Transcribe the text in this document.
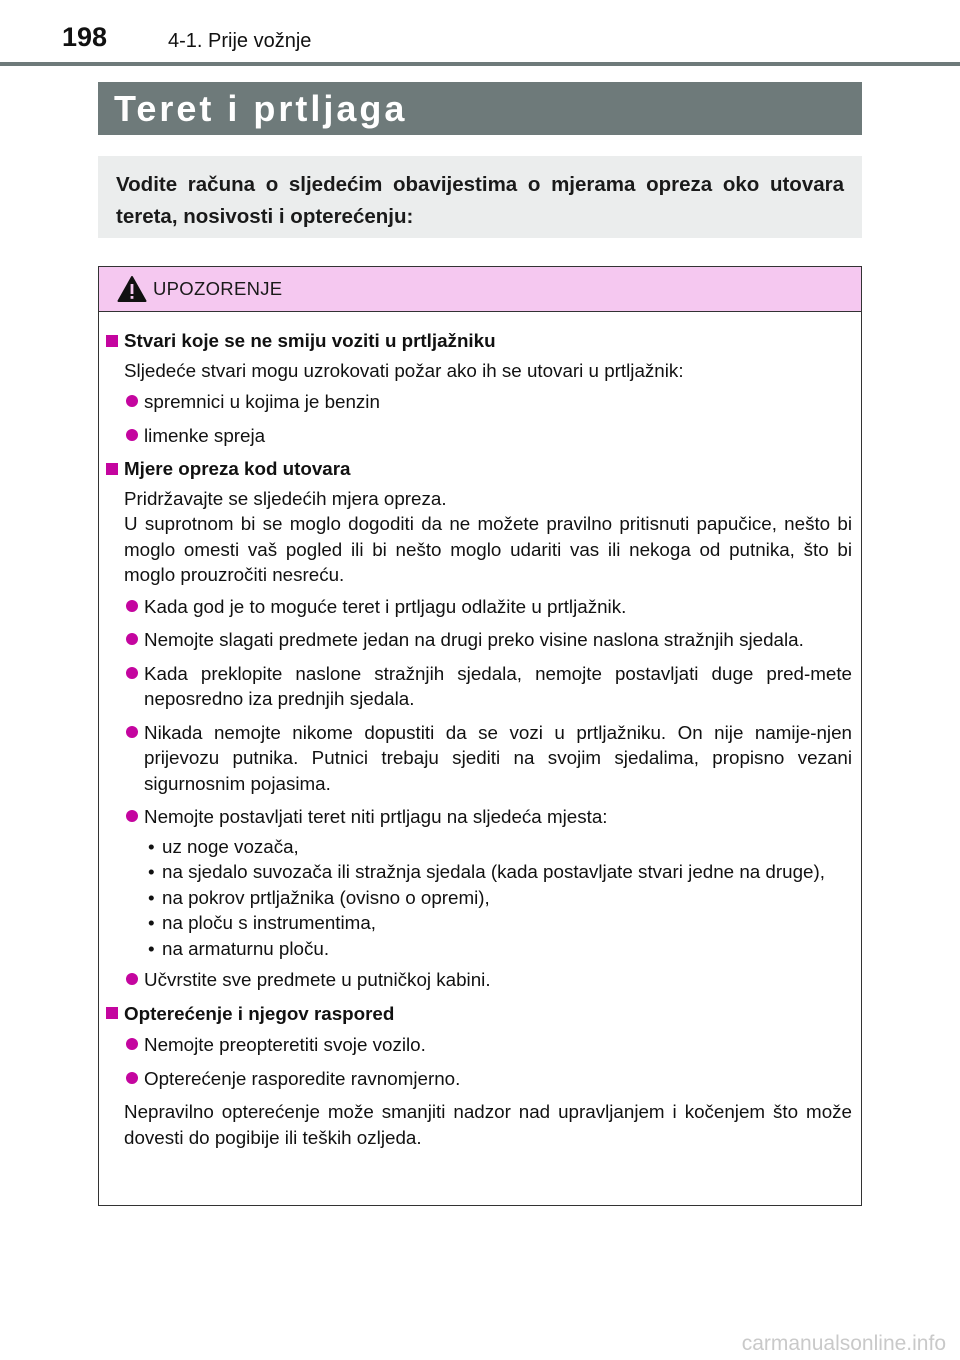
198	4-1. Prije vožnje
Teret i prtljaga
Vodite računa o sljedećim obavijestima o mjerama opreza oko utovara tereta, nosivosti i opterećenju:
UPOZORENJE
Stvari koje se ne smiju voziti u prtljažniku
Sljedeće stvari mogu uzrokovati požar ako ih se utovari u prtljažnik:
spremnici u kojima je benzin
limenke spreja
Mjere opreza kod utovara
Pridržavajte se sljedećih mjera opreza.
U suprotnom bi se moglo dogoditi da ne možete pravilno pritisnuti papučice, nešto bi moglo omesti vaš pogled ili bi nešto moglo udariti vas ili nekoga od putnika, što bi moglo prouzročiti nesreću.
Kada god je to moguće teret i prtljagu odlažite u prtljažnik.
Nemojte slagati predmete jedan na drugi preko visine naslona stražnjih sjedala.
Kada preklopite naslone stražnjih sjedala, nemojte postavljati duge pred-mete neposredno iza prednjih sjedala.
Nikada nemojte nikome dopustiti da se vozi u prtljažniku. On nije namije-njen prijevozu putnika. Putnici trebaju sjediti na svojim sjedalima, propisno vezani sigurnosnim pojasima.
Nemojte postavljati teret niti prtljagu na sljedeća mjesta:
• uz noge vozača,
• na sjedalo suvozača ili stražnja sjedala (kada postavljate stvari jedne na druge),
• na pokrov prtljažnika (ovisno o opremi),
• na ploču s instrumentima,
• na armaturnu ploču.
Učvrstite sve predmete u putničkoj kabini.
Opterećenje i njegov raspored
Nemojte preopteretiti svoje vozilo.
Opterećenje rasporedite ravnomjerno.
Nepravilno opterećenje može smanjiti nadzor nad upravljanjem i kočenjem što može dovesti do pogibije ili teških ozljeda.
carmanualsonline.info
